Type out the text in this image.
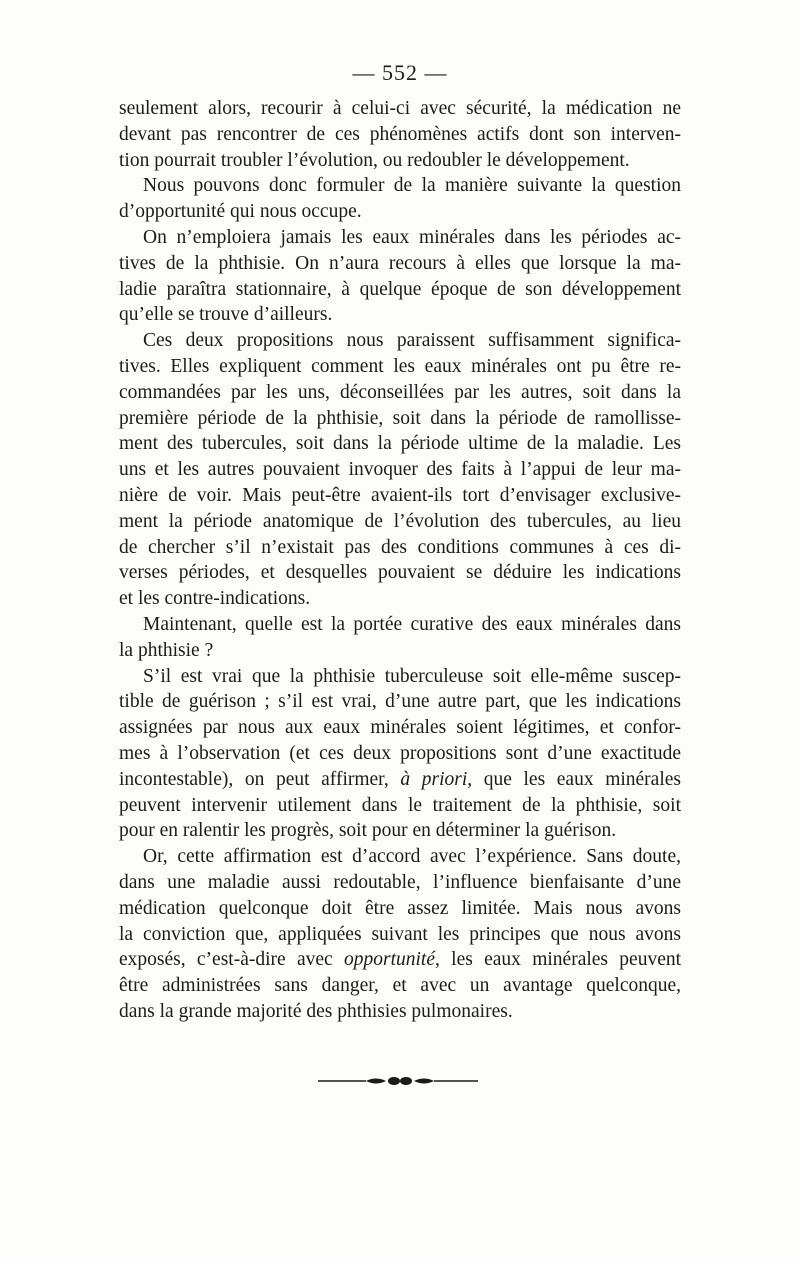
— 552 —

seulement alors, recourir à celui-ci avec sécurité, la médication ne
devant pas rencontrer de ces phénomènes actifs dont son interven-
tion pourrait troubler l’évolution, ou redoubler le développement.

Nous pouvons donc formuler de la manière suivante la question
d’opportunité qui nous occupe.

On n’emploiera jamais les eaux minérales dans les périodes ac-
tives de la phthisie. On n’aura recours à elles que lorsque la ma-
ladie paraîtra stationnaire, à quelque époque de son développement
qu’elle se trouve d’ailleurs.

Ces deux propositions nous paraissent suffisamment significa-
tives. Elles expliquent comment les eaux minérales ont pu être re-
commandées par les uns, déconseillées par les autres, soit dans la
première période de la phthisie, soit dans la période de ramollisse-
ment des tubercules, soit dans la période ultime de la maladie. Les
uns et les autres pouvaient invoquer des faits à l’appui de leur ma-
nière de voir. Mais peut-être avaient-ils tort d’envisager exclusive-
ment la période anatomique de l’évolution des tubercules, au lieu
de chercher s’il n’existait pas des conditions communes à ces di-
verses périodes, et desquelles pouvaient se déduire les indications
et les contre-indications.

Maintenant, quelle est la portée curative des eaux minérales dans
la phthisie ?

S’il est vrai que la phthisie tuberculeuse soit elle-même suscep-
tible de guérison ; s’il est vrai, d’une autre part, que les indications
assignées par nous aux eaux minérales soient légitimes, et confor-
mes à l’observation (et ces deux propositions sont d’une exactitude
incontestable), on peut affirmer, à priori, que les eaux minérales
peuvent intervenir utilement dans le traitement de la phthisie, soit
pour en ralentir les progrès, soit pour en déterminer la guérison.

Or, cette affirmation est d’accord avec l’expérience. Sans doute,
dans une maladie aussi redoutable, l’influence bienfaisante d’une
médication quelconque doit être assez limitée. Mais nous avons
la conviction que, appliquées suivant les principes que nous avons
exposés, c’est-à-dire avec opportunité, les eaux minérales peuvent
être administrées sans danger, et avec un avantage quelconque,
dans la grande majorité des phthisies pulmonaires.
